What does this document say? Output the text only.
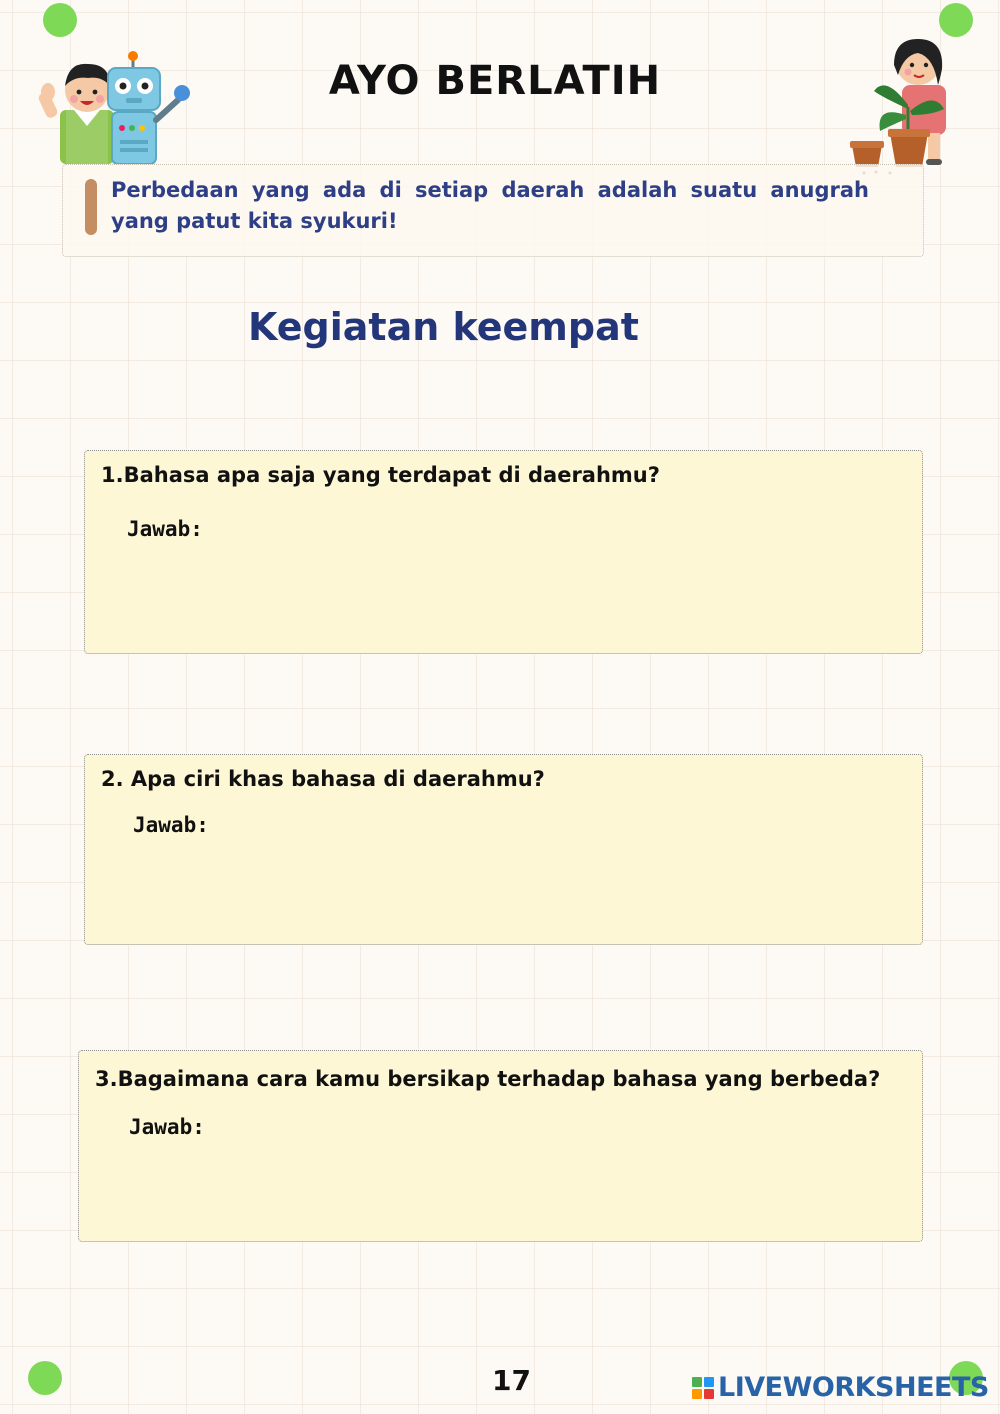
AYO BERLATIH
Perbedaan yang ada di setiap daerah adalah suatu anugrah yang patut kita syukuri!
Kegiatan keempat
1.Bahasa apa saja yang terdapat di daerahmu?
Jawab:
2. Apa ciri khas bahasa di daerahmu?
Jawab:
3.Bagaimana cara kamu bersikap terhadap bahasa yang berbeda?
Jawab:
17	LIVEWORKSHEETS
